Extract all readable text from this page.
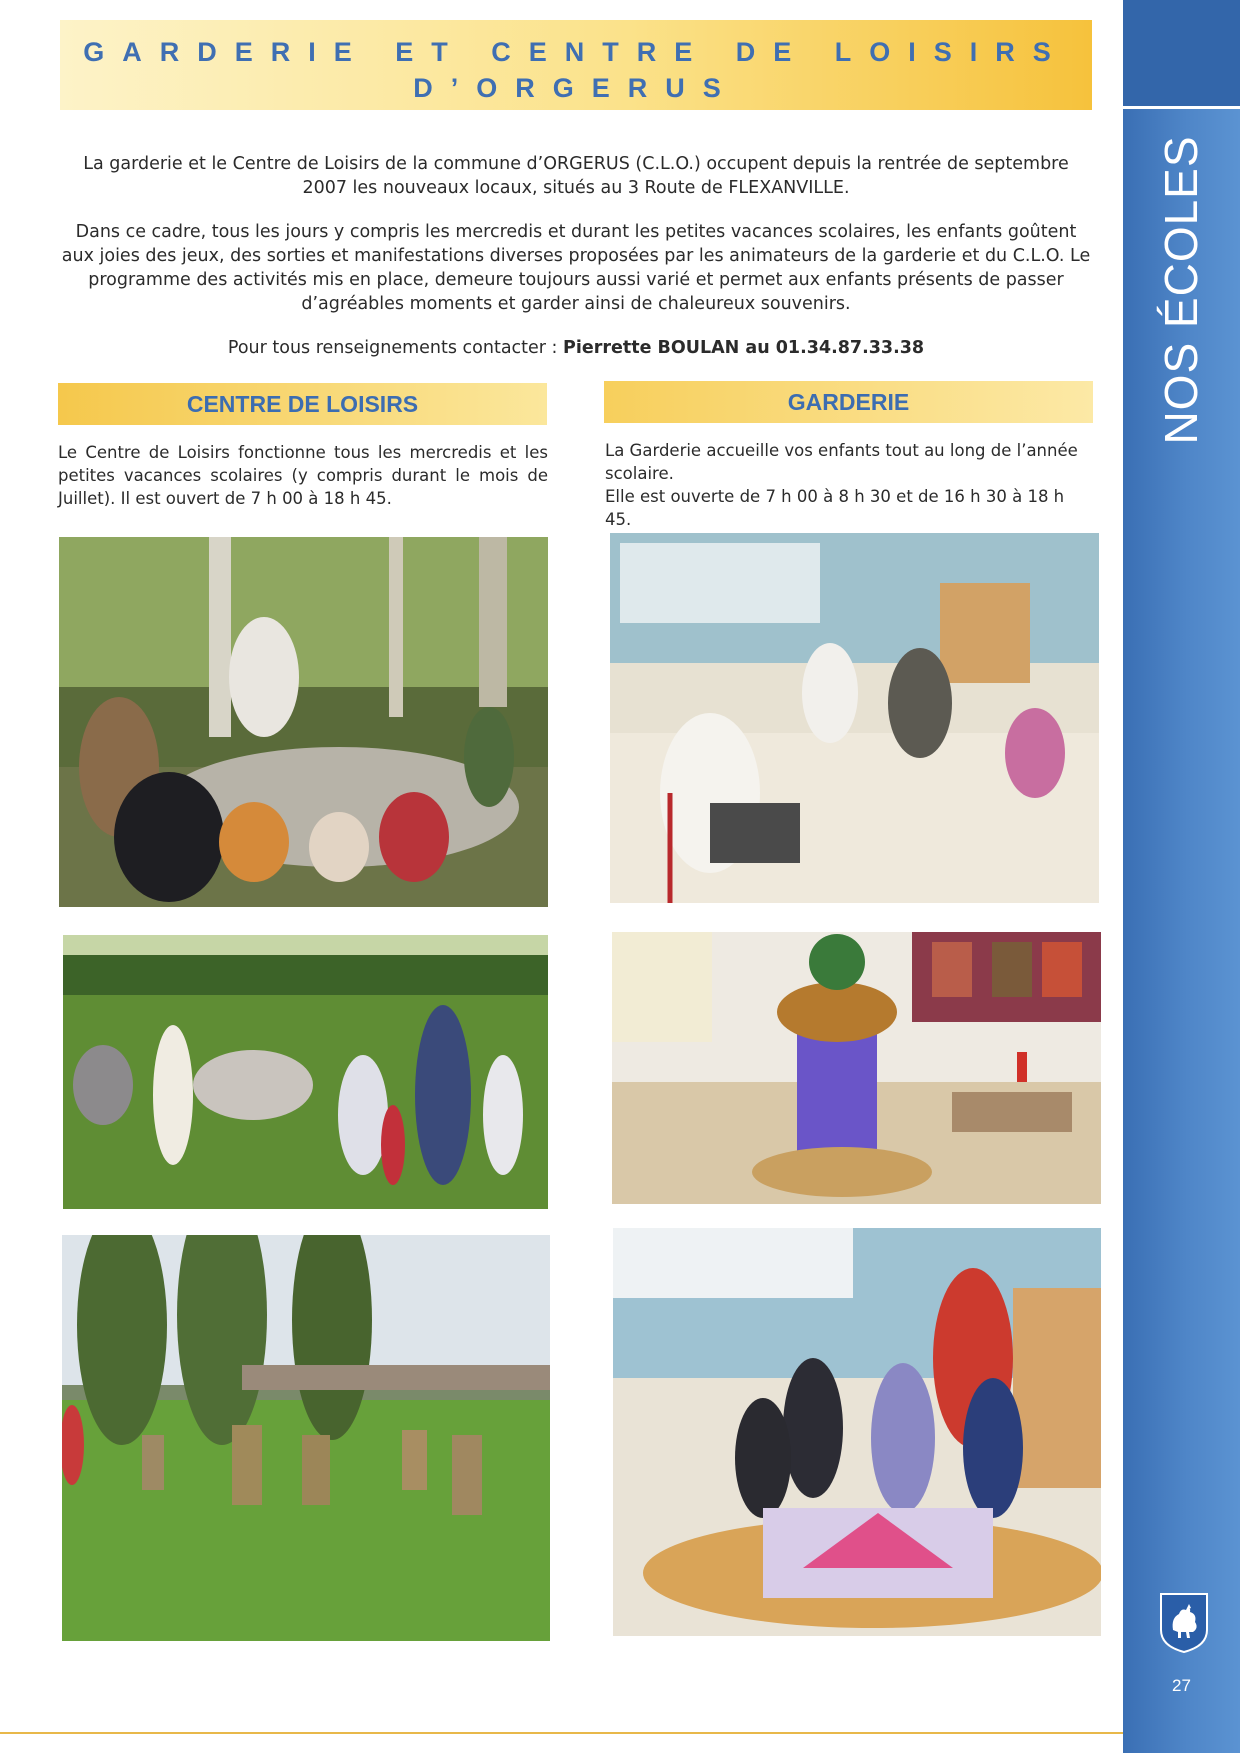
NOS ÉCOLES
27
GARDERIE ET CENTRE DE LOISIRS
D’ORGERUS

La garderie et le Centre de Loisirs de la commune d’ORGERUS (C.L.O.) occupent depuis la rentrée de septembre 2007 les nouveaux locaux, situés au 3 Route de FLEXANVILLE.

Dans ce cadre, tous les jours y compris les mercredis et durant les petites vacances scolaires, les enfants goûtent aux joies des jeux, des sorties et manifestations diverses proposées par les animateurs de la garderie et du C.L.O. Le programme des activités mis en place, demeure toujours aussi varié et permet aux enfants présents de passer d’agréables moments et garder ainsi de chaleureux souvenirs.

Pour tous renseignements contacter : Pierrette BOULAN au 01.34.87.33.38

CENTRE DE LOISIRS	GARDERIE

Le Centre de Loisirs fonctionne tous les mercredis et les petites vacances scolaires (y compris durant le mois de Juillet). Il est ouvert de 7 h 00 à 18 h 45.

La Garderie accueille vos enfants tout au long de l’année scolaire.

Elle est ouverte de 7 h 00 à 8 h 30 et de 16 h 30 à 18 h 45.
